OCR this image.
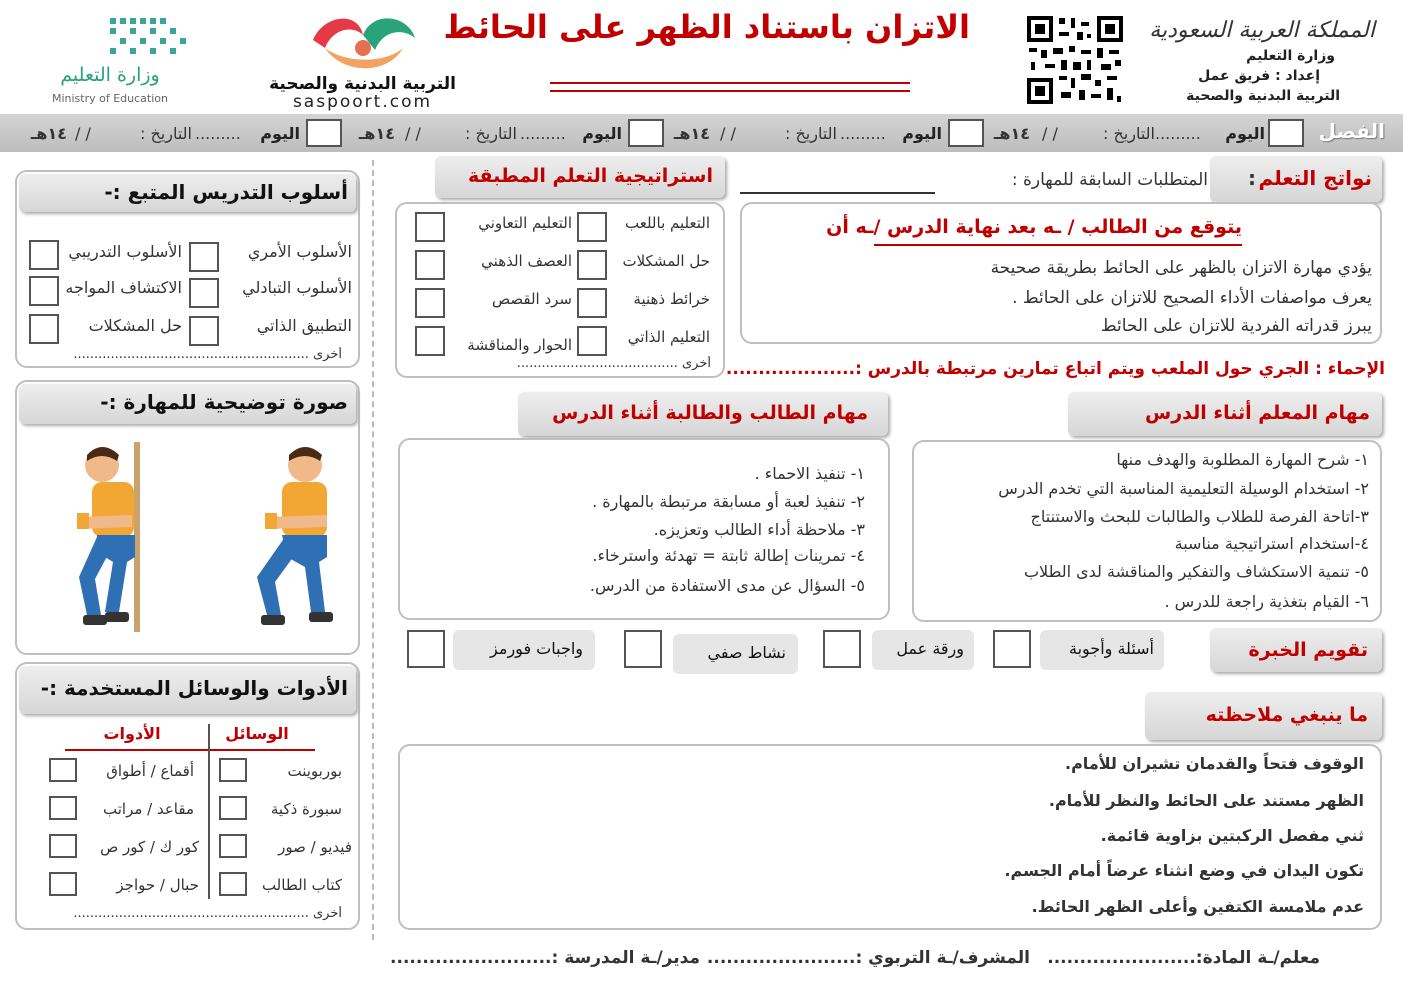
وزارة التعليم
Ministry of Education
التربية البدنية والصحية
saspoort.com
الاتزان باستناد الظهر على الحائط	المملكة العربية السعودية
وزارة التعليم
إعداد : فريق عمل
التربية البدنية والصحية
الفصل
اليوم
.........
التاريخ :
/ /
١٤هـ
اليوم
.........
التاريخ :
/ /
١٤هـ
اليوم
.........
التاريخ :
/ /
١٤هـ
اليوم
.........
التاريخ :
/ /
١٤هـ
أسلوب التدريس المتبع :-
الأسلوب الأمري
الأسلوب التدريبي
الأسلوب التبادلي
الاكتشاف المواجه
التطبيق الذاتي
حل المشكلات
أخرى .........................................................
صورة توضيحية للمهارة :-
الأدوات والوسائل المستخدمة :-
الوسائل
الأدوات
بوربوينت
أقماع / أطواق
سبورة ذكية
مقاعد / مراتب
فيديو / صور
كور ك / كور ص
كتاب الطالب
حبال / حواجز
أخرى .........................................................
نواتج التعلم
:
المتطلبات السابقة للمهارة :
استراتيجية التعلم المطبقة
يتوقع من الطالب / ـه بعد نهاية الدرس /ـه أن
يؤدي مهارة الاتزان بالظهر على الحائط بطريقة صحيحة
يعرف مواصفات الأداء الصحيح للاتزان على الحائط .
يبرز قدراته الفردية للاتزان على الحائط
التعليم باللعب
التعليم التعاوني
حل المشكلات
العصف الذهني
خرائط ذهنية
سرد القصص
التعليم الذاتي
الحوار والمناقشة
أخرى ....................................... الإحماء : الجري حول الملعب ويتم اتباع تمارين مرتبطة بالدرس :....................
مهام المعلم أثناء الدرس
١- شرح المهارة المطلوبة والهدف منها
٢- استخدام الوسيلة التعليمية المناسبة التي تخدم الدرس
٣-اتاحة الفرصة للطلاب والطالبات للبحث والاستنتاج
٤-استخدام استراتيجية مناسبة
٥- تنمية الاستكشاف والتفكير والمناقشة لدى الطلاب
٦- القيام بتغذية راجعة للدرس .
مهام الطالب والطالبة أثناء الدرس
١- تنفيذ الاحماء .
٢- تنفيذ لعبة أو مسابقة مرتبطة بالمهارة .
٣- ملاحظة أداء الطالب وتعزيزه.
٤- تمرينات إطالة ثابتة = تهدئة واسترخاء.
٥- السؤال عن مدى الاستفادة من الدرس.
تقويم الخبرة
أسئلة وأجوبة
ورقة عمل
نشاط صفي
واجبات فورمز
ما ينبغي ملاحظته
الوقوف فتحاً والقدمان تشيران للأمام.
الظهر مستند على الحائط والنظر للأمام.
ثني مفصل الركبتين بزاوية قائمة.
تكون اليدان في وضع انثناء عرضاً أمام الجسم.
عدم ملامسة الكتفين وأعلى الظهر الحائط.
معلم/ـة المادة:.......................
المشرف/ـة التربوي :.......................
مدير/ـة المدرسة :.........................
